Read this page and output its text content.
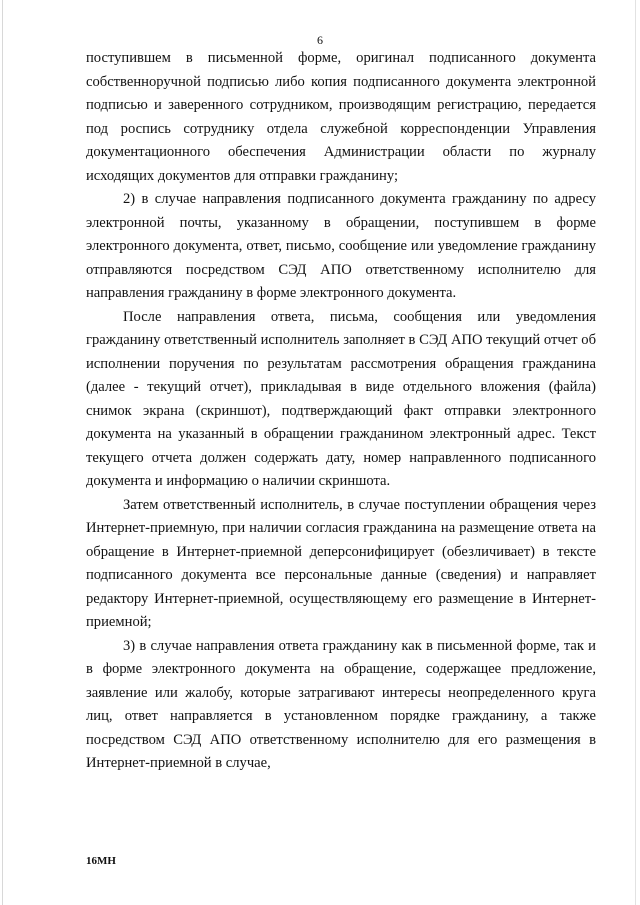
6

поступившем в письменной форме, оригинал подписанного документа собственноручной подписью либо копия подписанного документа электронной подписью и заверенного сотрудником, производящим регистрацию, передается под роспись сотруднику отдела служебной корреспонденции Управления документационного обеспечения Администрации области по журналу исходящих документов для отправки гражданину;

2) в случае направления подписанного документа гражданину по адресу электронной почты, указанному в обращении, поступившем в форме электронного документа, ответ, письмо, сообщение или уведомление гражданину отправляются посредством СЭД АПО ответственному исполнителю для направления гражданину в форме электронного документа.

После направления ответа, письма, сообщения или уведомления гражданину ответственный исполнитель заполняет в СЭД АПО текущий отчет об исполнении поручения по результатам рассмотрения обращения гражданина (далее - текущий отчет), прикладывая в виде отдельного вложения (файла) снимок экрана (скриншот), подтверждающий факт отправки электронного документа на указанный в обращении гражданином электронный адрес. Текст текущего отчета должен содержать дату, номер направленного подписанного документа и информацию о наличии скриншота.

Затем ответственный исполнитель, в случае поступлении обращения через Интернет-приемную, при наличии согласия гражданина на размещение ответа на обращение в Интернет-приемной деперсонифицирует (обезличивает) в тексте подписанного документа все персональные данные (сведения) и направляет редактору Интернет-приемной, осуществляющему его размещение в Интернет-приемной;

3) в случае направления ответа гражданину как в письменной форме, так и в форме электронного документа на обращение, содержащее предложение, заявление или жалобу, которые затрагивают интересы неопределенного круга лиц, ответ направляется в установленном порядке гражданину, а также посредством СЭД АПО ответственному исполнителю для его размещения в Интернет-приемной в случае,

16МН
